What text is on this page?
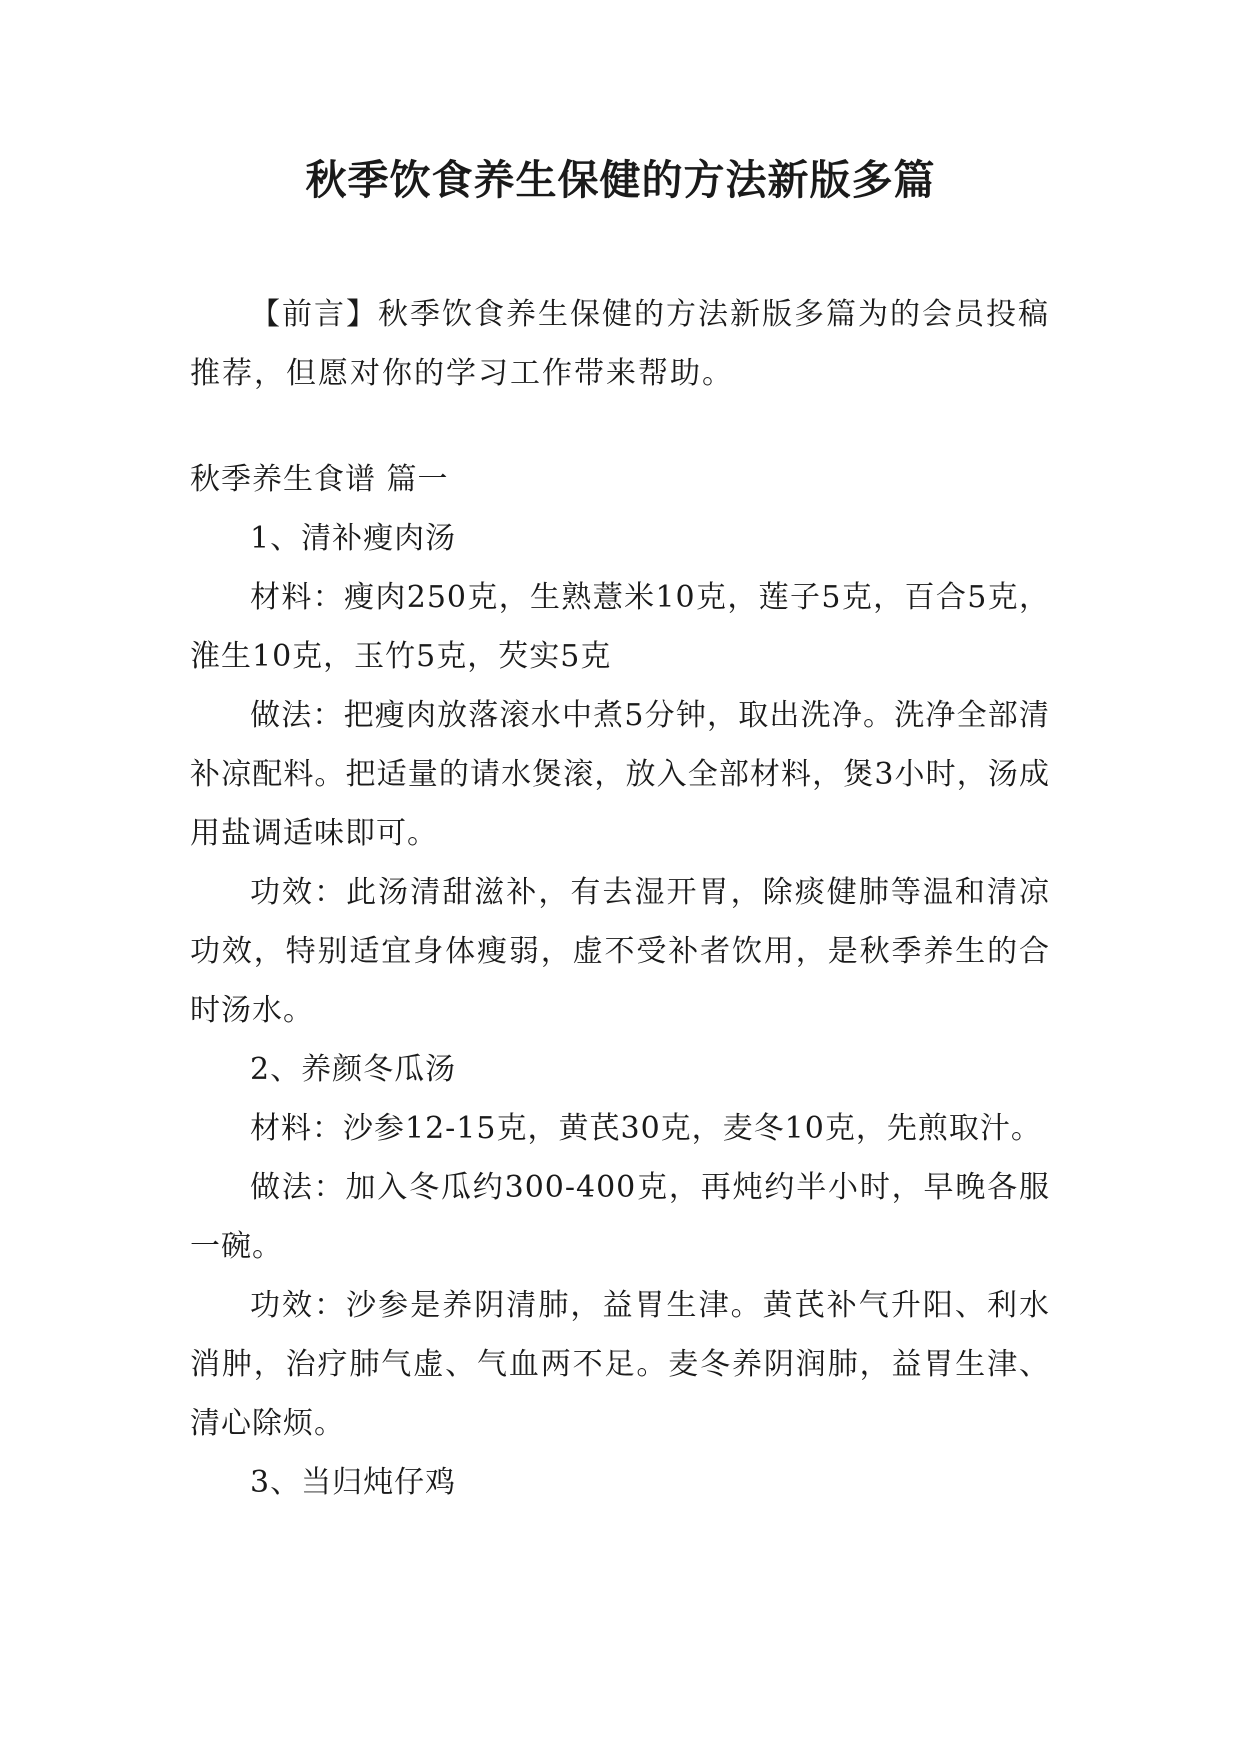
秋季饮食养生保健的方法新版多篇

【前言】秋季饮食养生保健的方法新版多篇为的会员投稿推荐，但愿对你的学习工作带来帮助。

秋季养生食谱 篇一

1、清补瘦肉汤

材料：瘦肉250克，生熟薏米10克，莲子5克，百合5克，淮生10克，玉竹5克，芡实5克

做法：把瘦肉放落滚水中煮5分钟，取出洗净。洗净全部清补凉配料。把适量的请水煲滚，放入全部材料，煲3小时，汤成用盐调适味即可。

功效：此汤清甜滋补，有去湿开胃，除痰健肺等温和清凉功效，特别适宜身体瘦弱，虚不受补者饮用，是秋季养生的合时汤水。

2、养颜冬瓜汤

材料：沙参12-15克，黄芪30克，麦冬10克，先煎取汁。

做法：加入冬瓜约300-400克，再炖约半小时，早晚各服一碗。

功效：沙参是养阴清肺，益胃生津。黄芪补气升阳、利水消肿，治疗肺气虚、气血两不足。麦冬养阴润肺，益胃生津、清心除烦。

3、当归炖仔鸡
